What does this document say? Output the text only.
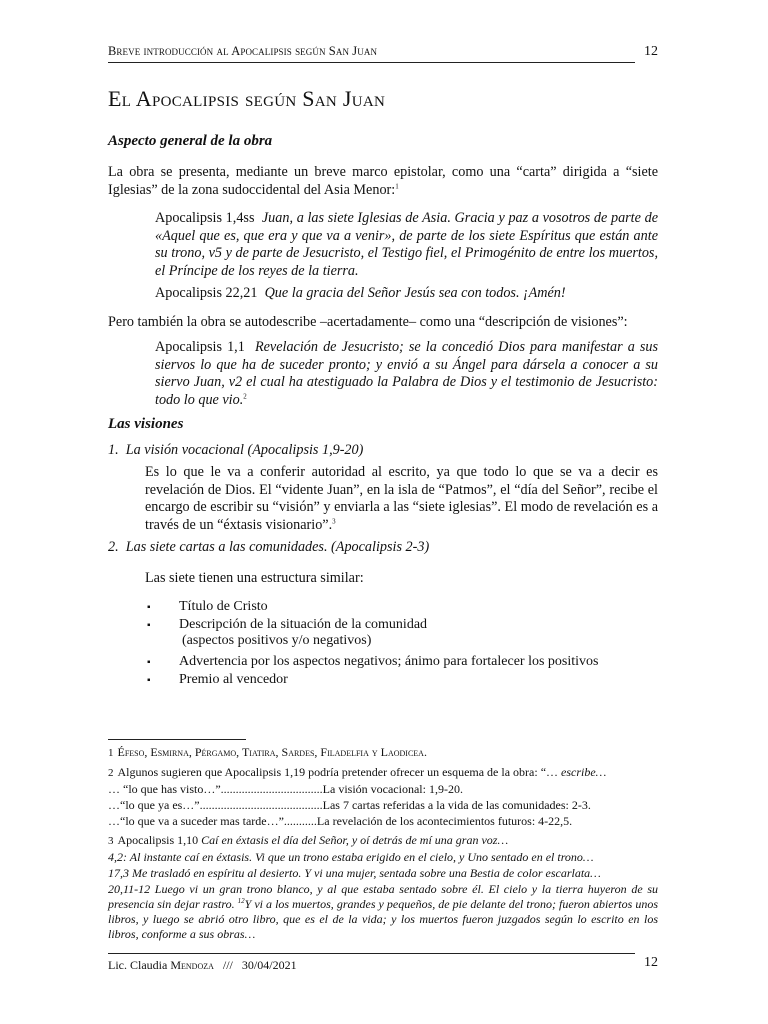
Breve introducción al Apocalipsis según San Juan	12
El Apocalipsis según San Juan
Aspecto general de la obra
La obra se presenta, mediante un breve marco epistolar, como una “carta” dirigida a “siete Iglesias” de la zona sudoccidental del Asia Menor:$^1$
Apocalipsis 1,4ss Juan, a las siete Iglesias de Asia. Gracia y paz a vosotros de parte de «Aquel que es, que era y que va a venir», de parte de los siete Espíritus que están ante su trono, v5 y de parte de Jesucristo, el Testigo fiel, el Primogénito de entre los muertos, el Príncipe de los reyes de la tierra.
Apocalipsis 22,21 Que la gracia del Señor Jesús sea con todos. ¡Amén!
Pero también la obra se autodescribe –acertadamente– como una “descripción de visiones”:
Apocalipsis 1,1 Revelación de Jesucristo; se la concedió Dios para manifestar a sus siervos lo que ha de suceder pronto; y envió a su Ángel para dársela a conocer a su siervo Juan, v2 el cual ha atestiguado la Palabra de Dios y el testimonio de Jesucristo: todo lo que vio.$^2$
Las visiones
1. La visión vocacional (Apocalipsis 1,9-20)
Es lo que le va a conferir autoridad al escrito, ya que todo lo que se va a decir es revelación de Dios. El “vidente Juan”, en la isla de “Patmos”, el “día del Señor”, recibe el encargo de escribir su “visión” y enviarla a las “siete iglesias”. El modo de revelación es a través de un “éxtasis visionario”.$^3$
2. Las siete cartas a las comunidades. (Apocalipsis 2-3)
Las siete tienen una estructura similar:
▪ Título de Cristo
▪ Descripción de la situación de la comunidad
(aspectos positivos y/o negativos)
▪ Advertencia por los aspectos negativos; ánimo para fortalecer los positivos
▪ Premio al vencedor
1 Éfeso, Esmirna, Pérgamo, Tiatira, Sardes, Filadelfia y Laodicea.
2 Algunos sugieren que Apocalipsis 1,19 podría pretender ofrecer un esquema de la obra: “… escribe…
… “lo que has visto…”..................................La visión vocacional: 1,9-20.
…“lo que ya es…”.........................................Las 7 cartas referidas a la vida de las comunidades: 2-3.
…“lo que va a suceder mas tarde…”...........La revelación de los acontecimientos futuros: 4-22,5.
3 Apocalipsis 1,10 Caí en éxtasis el día del Señor, y oí detrás de mí una gran voz…
4,2: Al instante caí en éxtasis. Vi que un trono estaba erigido en el cielo, y Uno sentado en el trono…
17,3 Me trasladó en espíritu al desierto. Y vi una mujer, sentada sobre una Bestia de color escarlata…
20,11-12 Luego vi un gran trono blanco, y al que estaba sentado sobre él. El cielo y la tierra huyeron de su presencia sin dejar rastro. $^{12}$Y vi a los muertos, grandes y pequeños, de pie delante del trono; fueron abiertos unos libros, y luego se abrió otro libro, que es el de la vida; y los muertos fueron juzgados según lo escrito en los libros, conforme a sus obras…
Lic. Claudia Mendoza /// 30/04/2021	12
